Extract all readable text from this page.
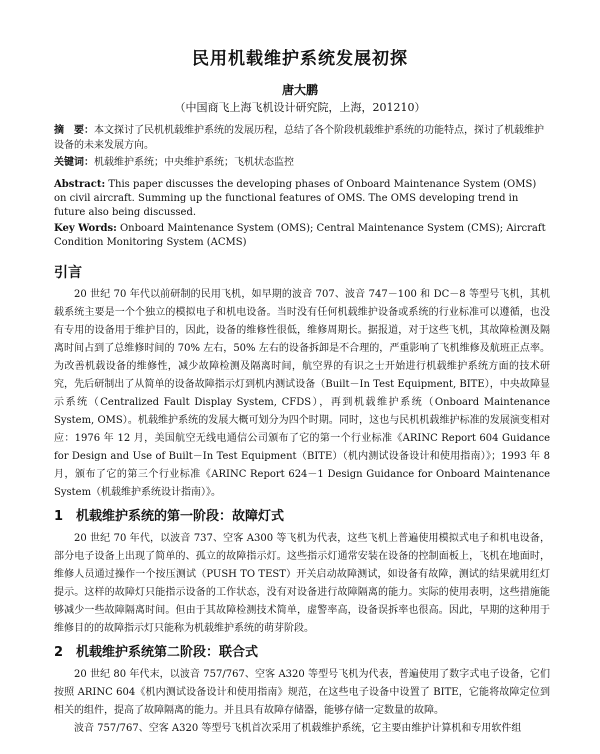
民用机载维护系统发展初探
唐大鹏
（中国商飞上海飞机设计研究院，上海，201210）
摘　要：本文探讨了民机机载维护系统的发展历程，总结了各个阶段机载维护系统的功能特点，探讨了机载维护设备的未来发展方向。
关键词：机载维护系统；中央维护系统；飞机状态监控
Abstract: This paper discusses the developing phases of Onboard Maintenance System (OMS) on civil aircraft. Summing up the functional features of OMS. The OMS developing trend in future also being discussed.
Key Words: Onboard Maintenance System (OMS); Central Maintenance System (CMS); Aircraft Condition Monitoring System (ACMS)
引言
20 世纪 70 年代以前研制的民用飞机，如早期的波音 707、波音 747－100 和 DC－8 等型号飞机，其机载系统主要是一个个独立的模拟电子和机电设备。当时没有任何机载维护设备或系统的行业标准可以遵循，也没有专用的设备用于维护目的，因此，设备的维修性很低，维修周期长。据报道，对于这些飞机，其故障检测及隔离时间占到了总维修时间的 70% 左右，50% 左右的设备拆卸是不合理的，严重影响了飞机维修及航班正点率。为改善机载设备的维修性，减少故障检测及隔离时间，航空界的有识之士开始进行机载维护系统方面的技术研究，先后研制出了从简单的设备故障指示灯到机内测试设备（Built－In Test Equipment, BITE），中央故障显示系统（Centralized Fault Display System, CFDS），再到机载维护系统（Onboard Maintenance System, OMS）。机载维护系统的发展大概可划分为四个时期。同时，这也与民机机载维护标准的发展演变相对应：1976 年 12 月，美国航空无线电通信公司颁布了它的第一个行业标准《ARINC Report 604 Guidance for Design and Use of Built－In Test Equipment（BITE）（机内测试设备设计和使用指南）》；1993 年 8 月，颁布了它的第三个行业标准《ARINC Report 624－1 Design Guidance for Onboard Maintenance System（机载维护系统设计指南）》。
1 机载维护系统的第一阶段：故障灯式
20 世纪 70 年代，以波音 737、空客 A300 等飞机为代表，这些飞机上普遍使用模拟式电子和机电设备，部分电子设备上出现了简单的、孤立的故障指示灯。这些指示灯通常安装在设备的控制面板上，飞机在地面时，维修人员通过操作一个按压测试（PUSH TO TEST）开关启动故障测试，如设备有故障，测试的结果就用红灯提示。这样的故障灯只能指示设备的工作状态，没有对设备进行故障隔离的能力。实际的使用表明，这些措施能够减少一些故障隔离时间。但由于其故障检测技术简单，虚警率高，设备误拆率也很高。因此，早期的这种用于维修目的的故障指示灯只能称为机载维护系统的萌芽阶段。
2 机载维护系统第二阶段：联合式
20 世纪 80 年代末，以波音 757/767、空客 A320 等型号飞机为代表，普遍使用了数字式电子设备，它们按照 ARINC 604《机内测试设备设计和使用指南》规范，在这些电子设备中设置了 BITE，它能将故障定位到相关的组件，提高了故障隔离的能力。并且具有故障存储器，能够存储一定数量的故障。
波音 757/767、空客 A320 等型号飞机首次采用了机载维护系统，它主要由维护计算机和专用软件组
